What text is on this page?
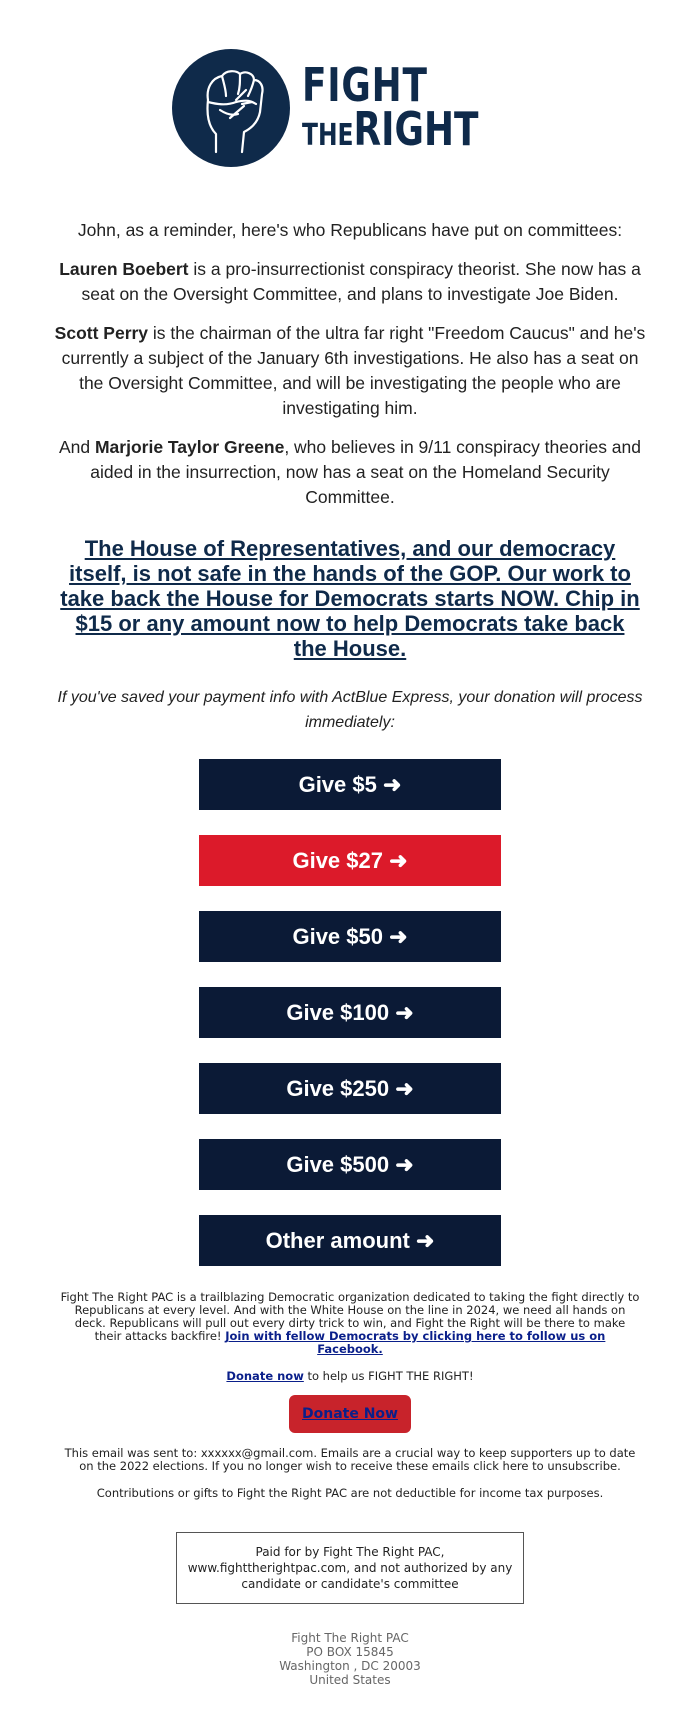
FIGHT
THERIGHT

John, as a reminder, here's who Republicans have put on committees:

Lauren Boebert is a pro-insurrectionist conspiracy theorist. She now has a seat on the Oversight Committee, and plans to investigate Joe Biden.

Scott Perry is the chairman of the ultra far right "Freedom Caucus" and he's currently a subject of the January 6th investigations. He also has a seat on the Oversight Committee, and will be investigating the people who are investigating him.

And Marjorie Taylor Greene, who believes in 9/11 conspiracy theories and aided in the insurrection, now has a seat on the Homeland Security Committee.

The House of Representatives, and our democracy itself, is not safe in the hands of the GOP. Our work to take back the House for Democrats starts NOW. Chip in $15 or any amount now to help Democrats take back the House.

If you've saved your payment info with ActBlue Express, your donation will process immediately:

Give $5 ➜
Give $27 ➜
Give $50 ➜
Give $100 ➜
Give $250 ➜
Give $500 ➜
Other amount ➜
Fight The Right PAC is a trailblazing Democratic organization dedicated to taking the fight directly to Republicans at every level. And with the White House on the line in 2024, we need all hands on deck. Republicans will pull out every dirty trick to win, and Fight the Right will be there to make their attacks backfire! Join with fellow Democrats by clicking here to follow us on Facebook.
Donate now to help us FIGHT THE RIGHT!
Donate Now
This email was sent to: xxxxxx@gmail.com. Emails are a crucial way to keep supporters up to date on the 2022 elections. If you no longer wish to receive these emails click here to unsubscribe.
Contributions or gifts to Fight the Right PAC are not deductible for income tax purposes.
Paid for by Fight The Right PAC, www.fighttherightpac.com, and not authorized by any candidate or candidate's committee
Fight The Right PAC
PO BOX 15845
Washington , DC 20003
United States
